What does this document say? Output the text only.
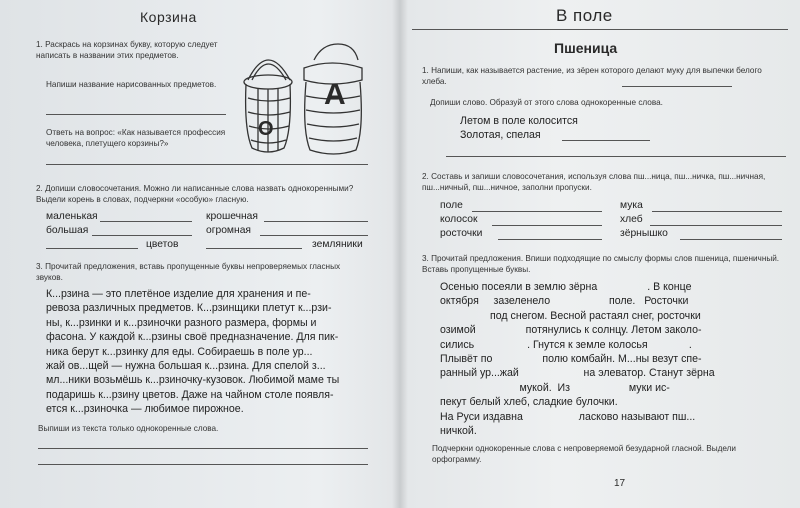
Корзина
1. Раскрась на корзинах букву, которую следует написать в названии этих предметов.
Напиши название нарисованных предметов.
Ответь на вопрос: «Как называется профессия человека, плетущего корзины?»
О
А
2. Допиши словосочетания. Можно ли написанные слова назвать однокоренными? Выдели корень в словах, подчеркни «особую» гласную.
маленькая	крошечная
большая	огромная
цветов	земляники
3. Прочитай предложения, вставь пропущенные буквы непроверяемых гласных звуков.
К...рзина — это плетёное изделие для хранения и пе-
ревоза различных предметов. К...рзинщики плетут к...рзи-
ны, к...рзинки и к...рзиночки разного размера, формы и
фасона. У каждой к...рзины своё предназначение. Для пик-
ника берут к...рзинку для еды. Собираешь в поле ур...
жай ов...щей — нужна большая к...рзина. Для спелой з...
мл...ники возьмёшь к...рзиночку-кузовок. Любимой маме ты
подаришь к...рзину цветов. Даже на чайном столе появля-
ется к...рзиночка — любимое пирожное.
Выпиши из текста только однокоренные слова.
В поле
Пшеница
1. Напиши, как называется растение, из зёрен которого делают муку для выпечки белого хлеба.
Допиши слово. Образуй от этого слова однокоренные слова.
Летом в поле колосится
Золотая, спелая
2. Составь и запиши словосочетания, используя слова пш...ница, пш...ничка, пш...ничная, пш...ничный, пш...ничное, заполни пропуски.
поле	мука
колосок	хлеб
росточки	зёрнышко
3. Прочитай предложения. Впиши подходящие по смыслу формы слов пшеница, пшеничный. Вставь пропущенные буквы.
Осенью посеяли в землю зёрна                 . В конце
октября     зазеленело                    поле.   Росточки
под снегом. Весной растаял снег, росточки
озимой                 потянулись к солнцу. Летом заколо-
сились                  . Гнутся к земле колосья              .
Плывёт по                 полю комбайн. М...ны везут спе-
ранный ур...жай                      на элеватор. Станут зёрна
мукой.  Из                    муки ис-
пекут белый хлеб, сладкие булочки.
На Руси издавна                   ласково называют пш...
ничкой.
Подчеркни однокоренные слова с непроверяемой безударной гласной. Выдели орфограмму.
17
